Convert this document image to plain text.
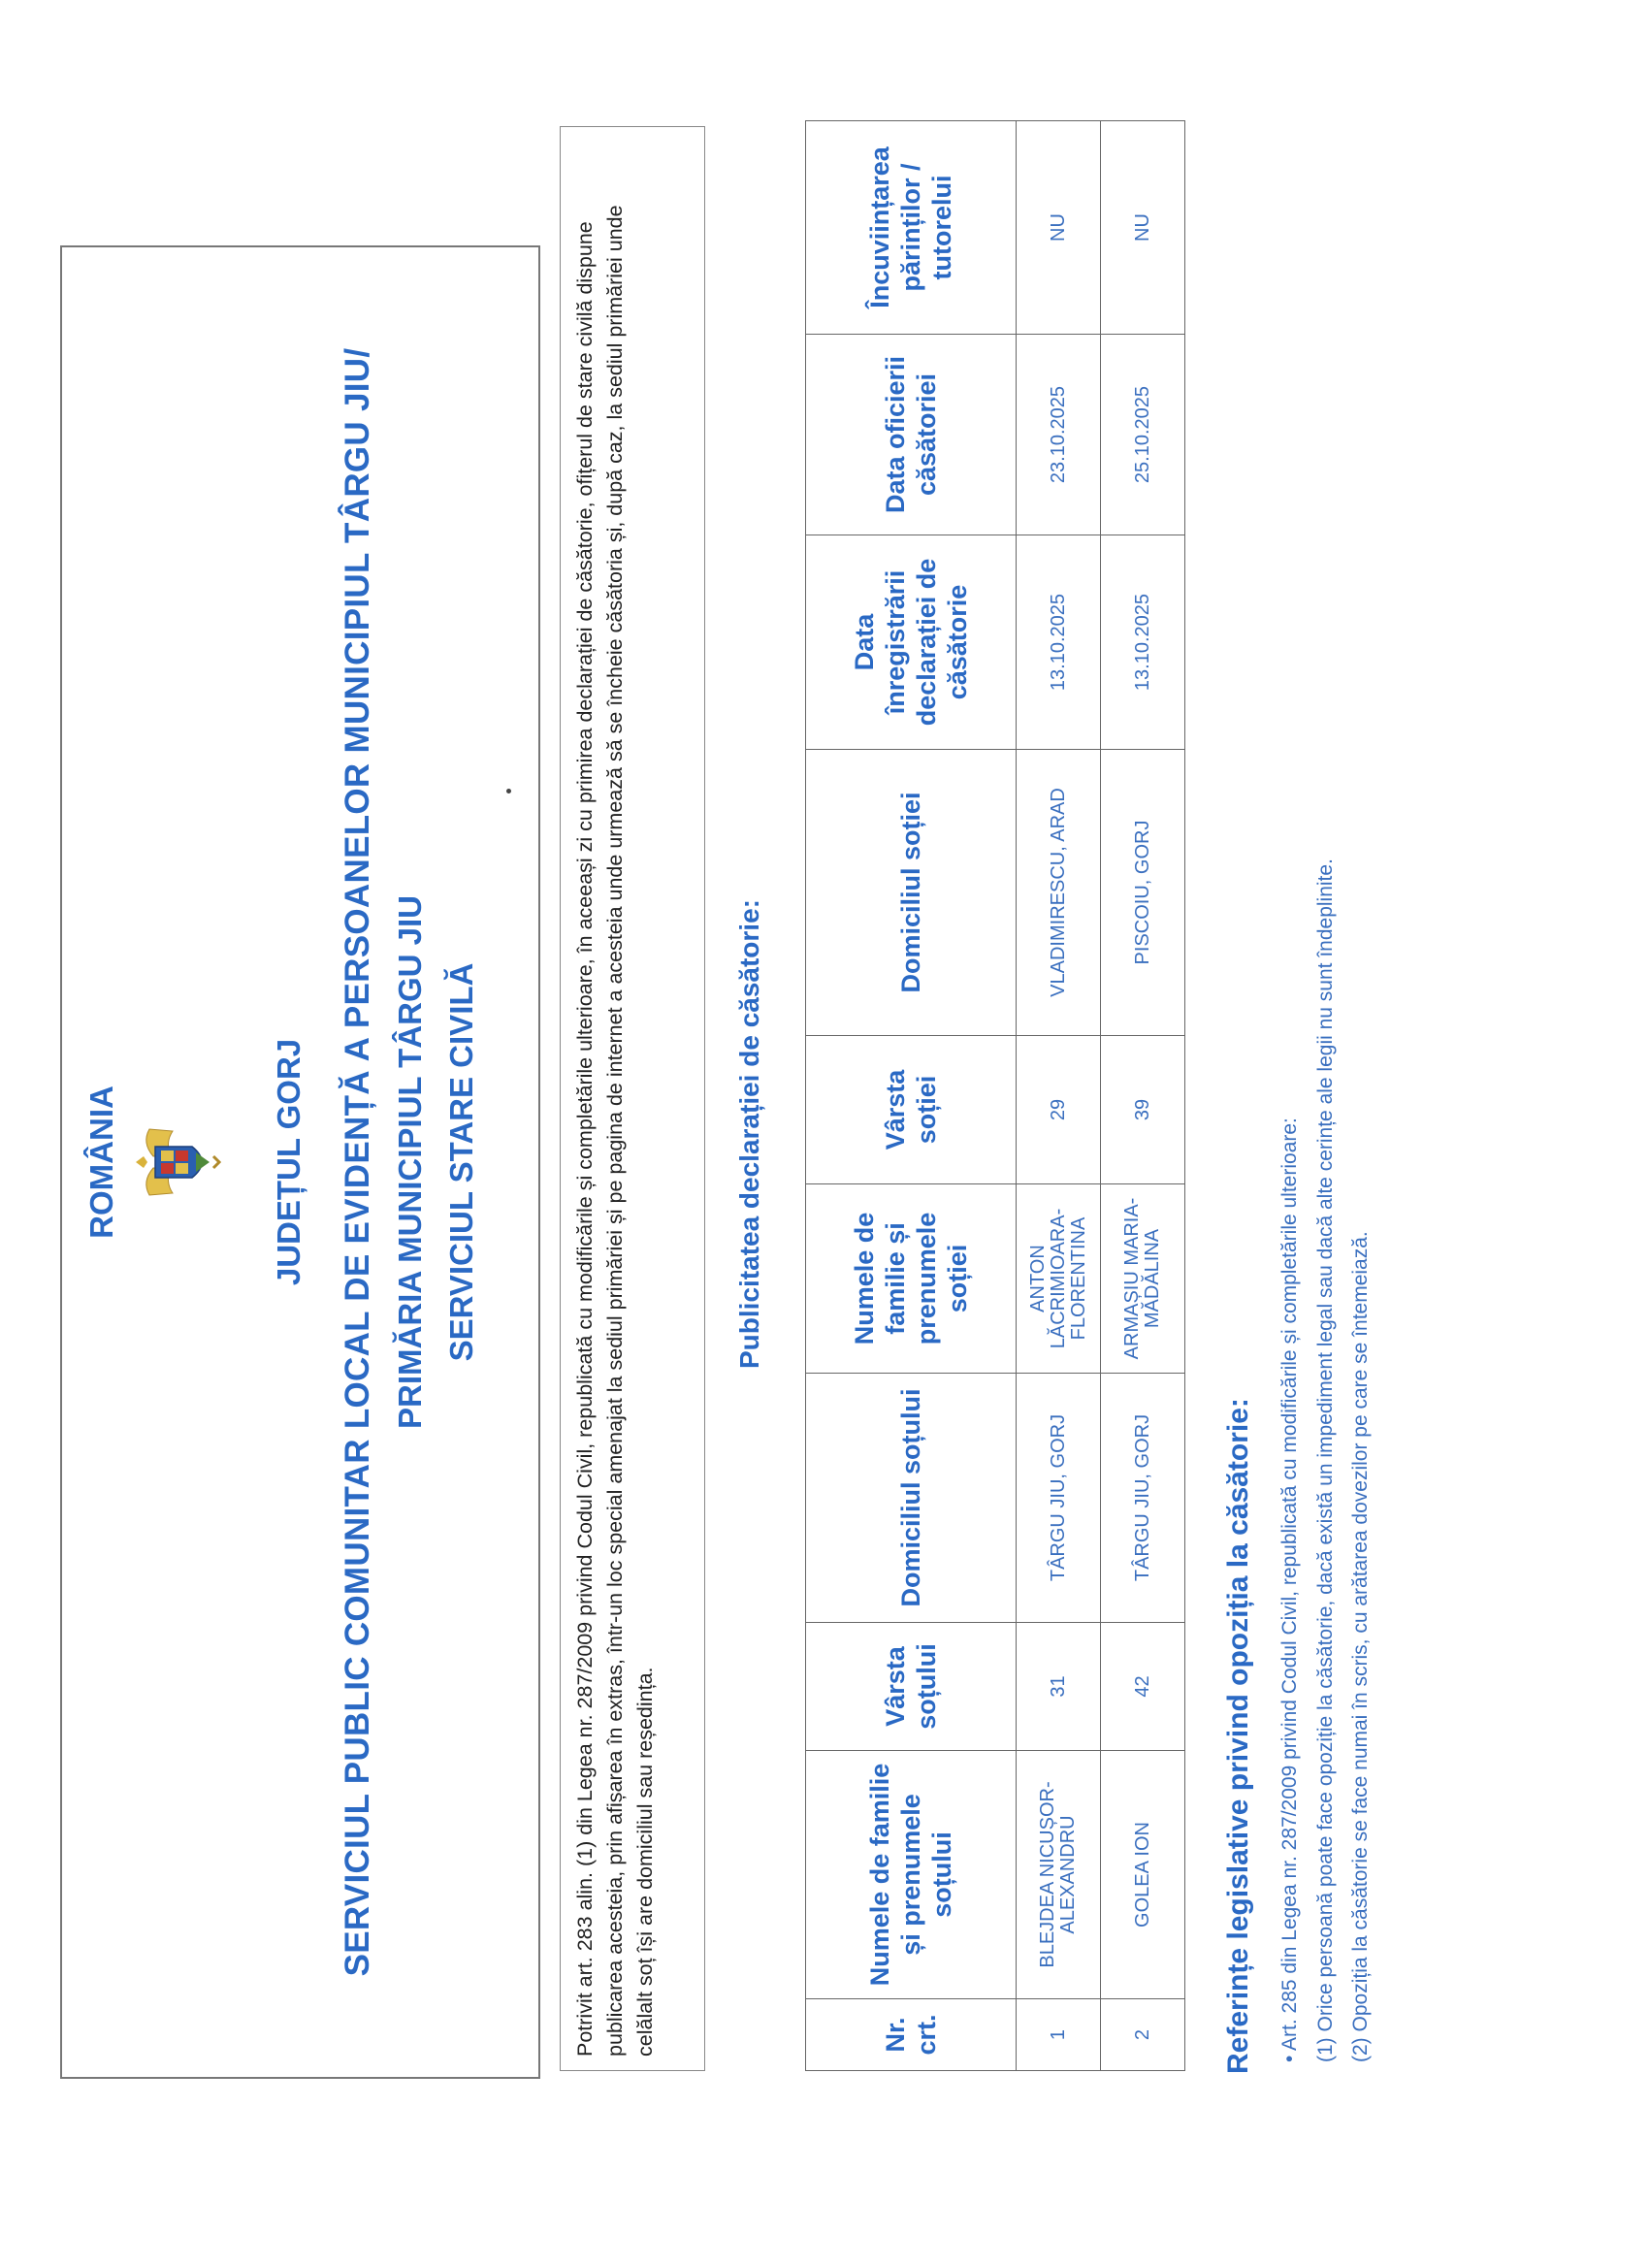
ROMÂNIA	JUDEȚUL GORJ SERVICIUL PUBLIC COMUNITAR LOCAL DE EVIDENȚĂ A PERSOANELOR MUNICIPIUL TÂRGU JIU/ PRIMĂRIA MUNICIPIUL TÂRGU JIU SERVICIUL STARE CIVILĂ	Potrivit art. 283 alin. (1) din Legea nr. 287/2009 privind Codul Civil, republicată cu modificările și completările ulterioare, în aceeași zi cu primirea declarației de căsătorie, ofițerul de stare civilă dispune publicarea acesteia, prin afișarea în extras, într-un loc special amenajat la sediul primăriei și pe pagina de internet a acesteia unde urmează să se încheie căsătoria și, după caz, la sediul primăriei unde celălalt soț își are domiciliul sau reședința.
Publicitatea declarației de căsătorie:
Nr. crt.	Numele de familie și prenumele soțului	Vârsta soțului	Domiciliul soțului	Numele de familie și prenumele soției	Vârsta soției	Domiciliul soției	Data înregistrării declarației de căsătorie	Data oficierii căsătoriei	Încuviințarea părinților / tutorelui
1	BLEJDEA NICUȘOR-ALEXANDRU	31	TÂRGU JIU, GORJ	ANTON LĂCRIMIOARA-FLORENTINA	29	VLADIMIRESCU, ARAD	13.10.2025	23.10.2025	NU
2	GOLEA ION	42	TÂRGU JIU, GORJ	ARMAȘIU MARIA-MĂDĂLINA	39	PISCOIU, GORJ	13.10.2025	25.10.2025	NU
Referințe legislative privind opoziția la căsătorie: • Art. 285 din Legea nr. 287/2009 privind Codul Civil, republicată cu modificările și completările ulterioare: (1) Orice persoană poate face opoziție la căsătorie, dacă există un impediment legal sau dacă alte cerințe ale legii nu sunt îndeplinite. (2) Opoziția la căsătorie se face numai în scris, cu arătarea dovezilor pe care se întemeiază.
